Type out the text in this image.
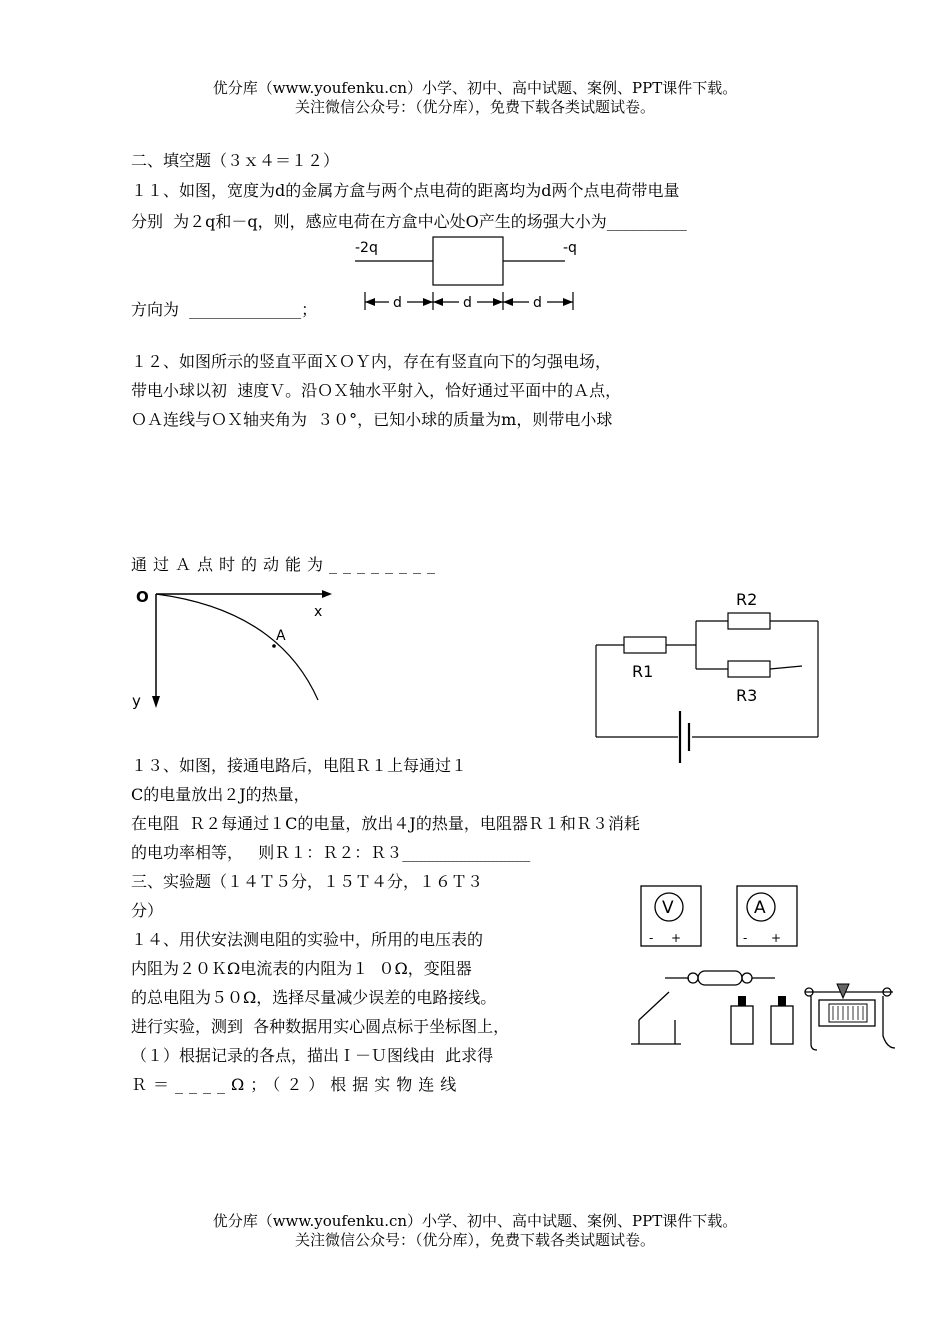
优分库（www.youfenku.cn）小学、初中、高中试题、案例、PPT课件下载。
关注微信公众号：（优分库），免费下载各类试题试卷。
二、填空题（３ｘ４＝１２）
１１、如图，宽度为d的金属方盒与两个点电荷的距离均为d两个点电荷带电量
分别  为２q和－q，则，感应电荷在方盒中心处O产生的场强大小为__________
方向为  ______________；
-2q	-q
d	d	d
１２、如图所示的竖直平面ＸＯＹ内，存在有竖直向下的匀强电场，
带电小球以初  速度Ｖ。沿ＯＸ轴水平射入，恰好通过平面中的Ａ点，
ＯＡ连线与ＯＸ轴夹角为  ３０°，已知小球的质量为m，则带电小球
通过Ａ点时的动能为________
O
x
y
A
R2
R1
R3
１３、如图，接通电路后，电阻Ｒ１上每通过１
C的电量放出２J的热量，
在电阻  Ｒ２每通过１C的电量，放出４J的热量，电阻器Ｒ１和Ｒ３消耗
的电功率相等，   则Ｒ１：Ｒ２：Ｒ３________________
三、实验题（１４Ｔ５分，１５Ｔ４分，１６Ｔ３
分）
１４、用伏安法测电阻的实验中，所用的电压表的
内阻为２０ＫΩ电流表的内阻为１  ０Ω，变阻器
的总电阻为５０Ω，选择尽量减少误差的电路接线。
进行实验，测到  各种数据用实心圆点标于坐标图上，
（１）根据记录的各点，描出Ｉ－Ｕ图线由  此求得
Ｒ＝____Ω；（２）根据实物连线
V
- +
A
- +
优分库（www.youfenku.cn）小学、初中、高中试题、案例、PPT课件下载。
关注微信公众号：（优分库），免费下载各类试题试卷。
